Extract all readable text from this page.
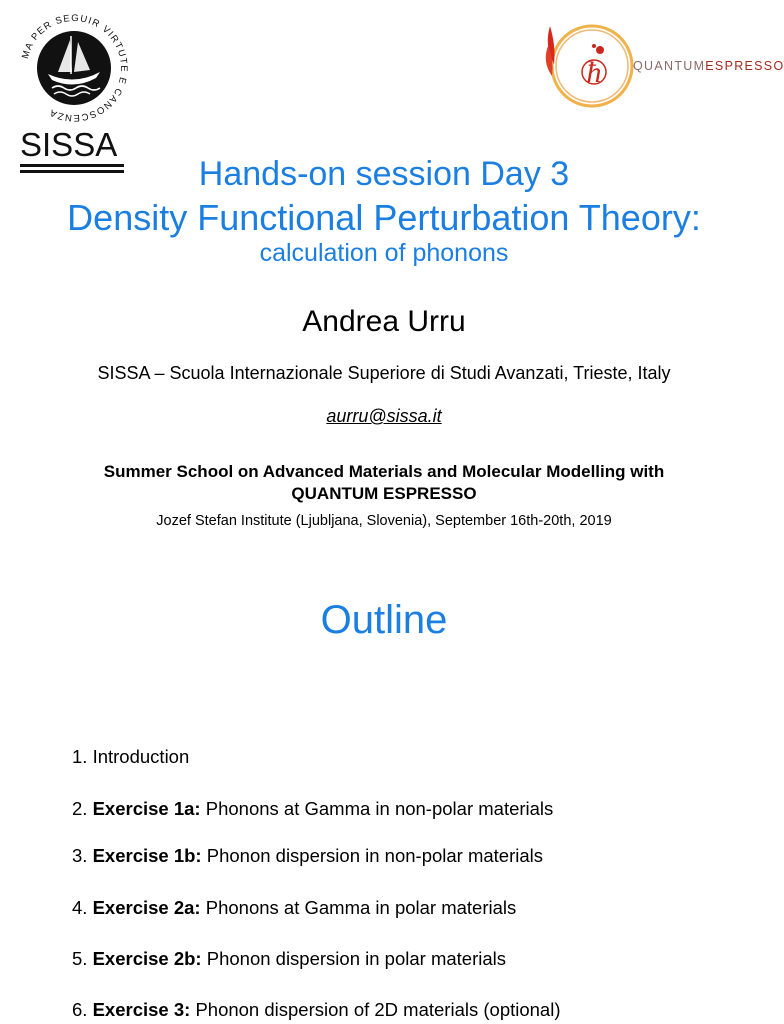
MA PER SEGUIR VIRTUTE E CANOSCENZA
SISSA
ħ	QUANTUMESPRESSO
Hands-on session Day 3
Density Functional Perturbation Theory:
calculation of phonons
Andrea Urru
SISSA – Scuola Internazionale Superiore di Studi Avanzati, Trieste, Italy
aurru@sissa.it
Summer School on Advanced Materials and Molecular Modelling with
QUANTUM ESPRESSO
Jozef Stefan Institute (Ljubljana, Slovenia), September 16th-20th, 2019
Outline
1. Introduction
2. Exercise 1a: Phonons at Gamma in non-polar materials
3. Exercise 1b: Phonon dispersion in non-polar materials
4. Exercise 2a: Phonons at Gamma in polar materials
5. Exercise 2b: Phonon dispersion in polar materials
6. Exercise 3: Phonon dispersion of 2D materials (optional)
